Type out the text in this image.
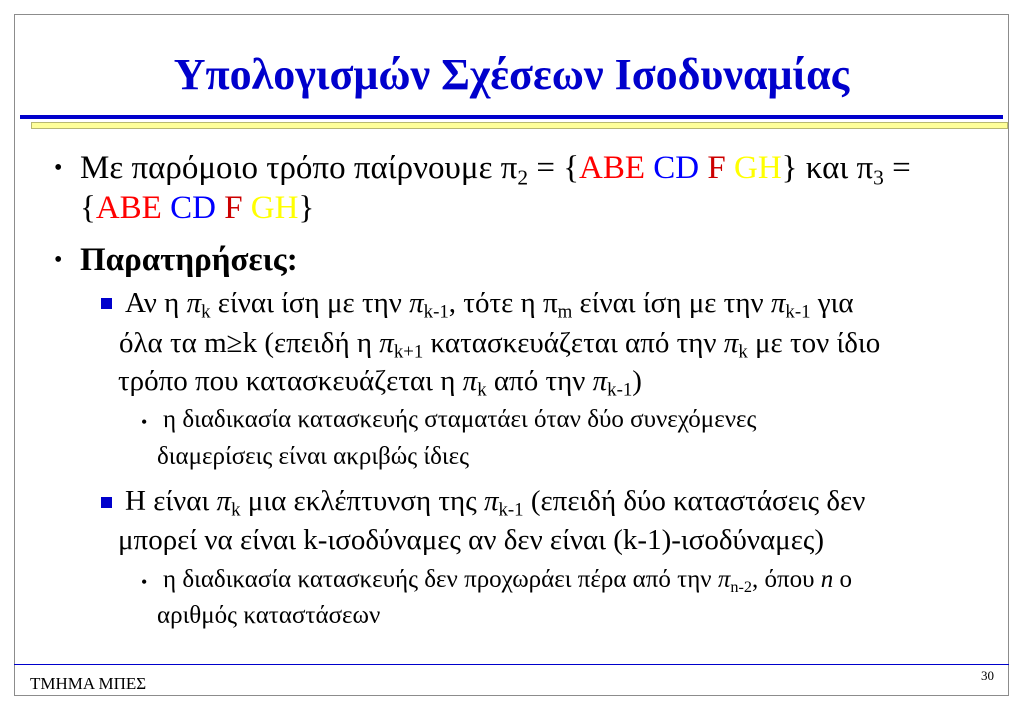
Υπολογισμών Σχέσεων Ισοδυναμίας
• Με παρόμοιο τρόπο παίρνουμε $\pi_2 = \{ABE$ CD F GH} και $\pi_3$ =
{ABE CD F GH}
• Παρατηρήσεις:
Αν η $\pi_k$ είναι ίση με την $\pi_{k-1}$, τότε η $\pi_m$ είναι ίση με την $\pi_{k-1}$ για
όλα τα m≥k (επειδή η $\pi_{k+1}$ κατασκευάζεται από την $\pi_k$ με τον ίδιο
τρόπο που κατασκευάζεται η $\pi_k$ από την $\pi_{k-1}$)
• η διαδικασία κατασκευής σταματάει όταν δύο συνεχόμενες
διαμερίσεις είναι ακριβώς ίδιες
Η είναι $\pi_k$ μια εκλέπτυνση της $\pi_{k-1}$ (επειδή δύο καταστάσεις δεν
μπορεί να είναι k-ισοδύναμες αν δεν είναι (k-1)-ισοδύναμες)
• η διαδικασία κατασκευής δεν προχωράει πέρα από την $\pi_{n-2}$, όπου n ο
αριθμός καταστάσεων
ΤΜΗΜΑ ΜΠΕΣ	30
